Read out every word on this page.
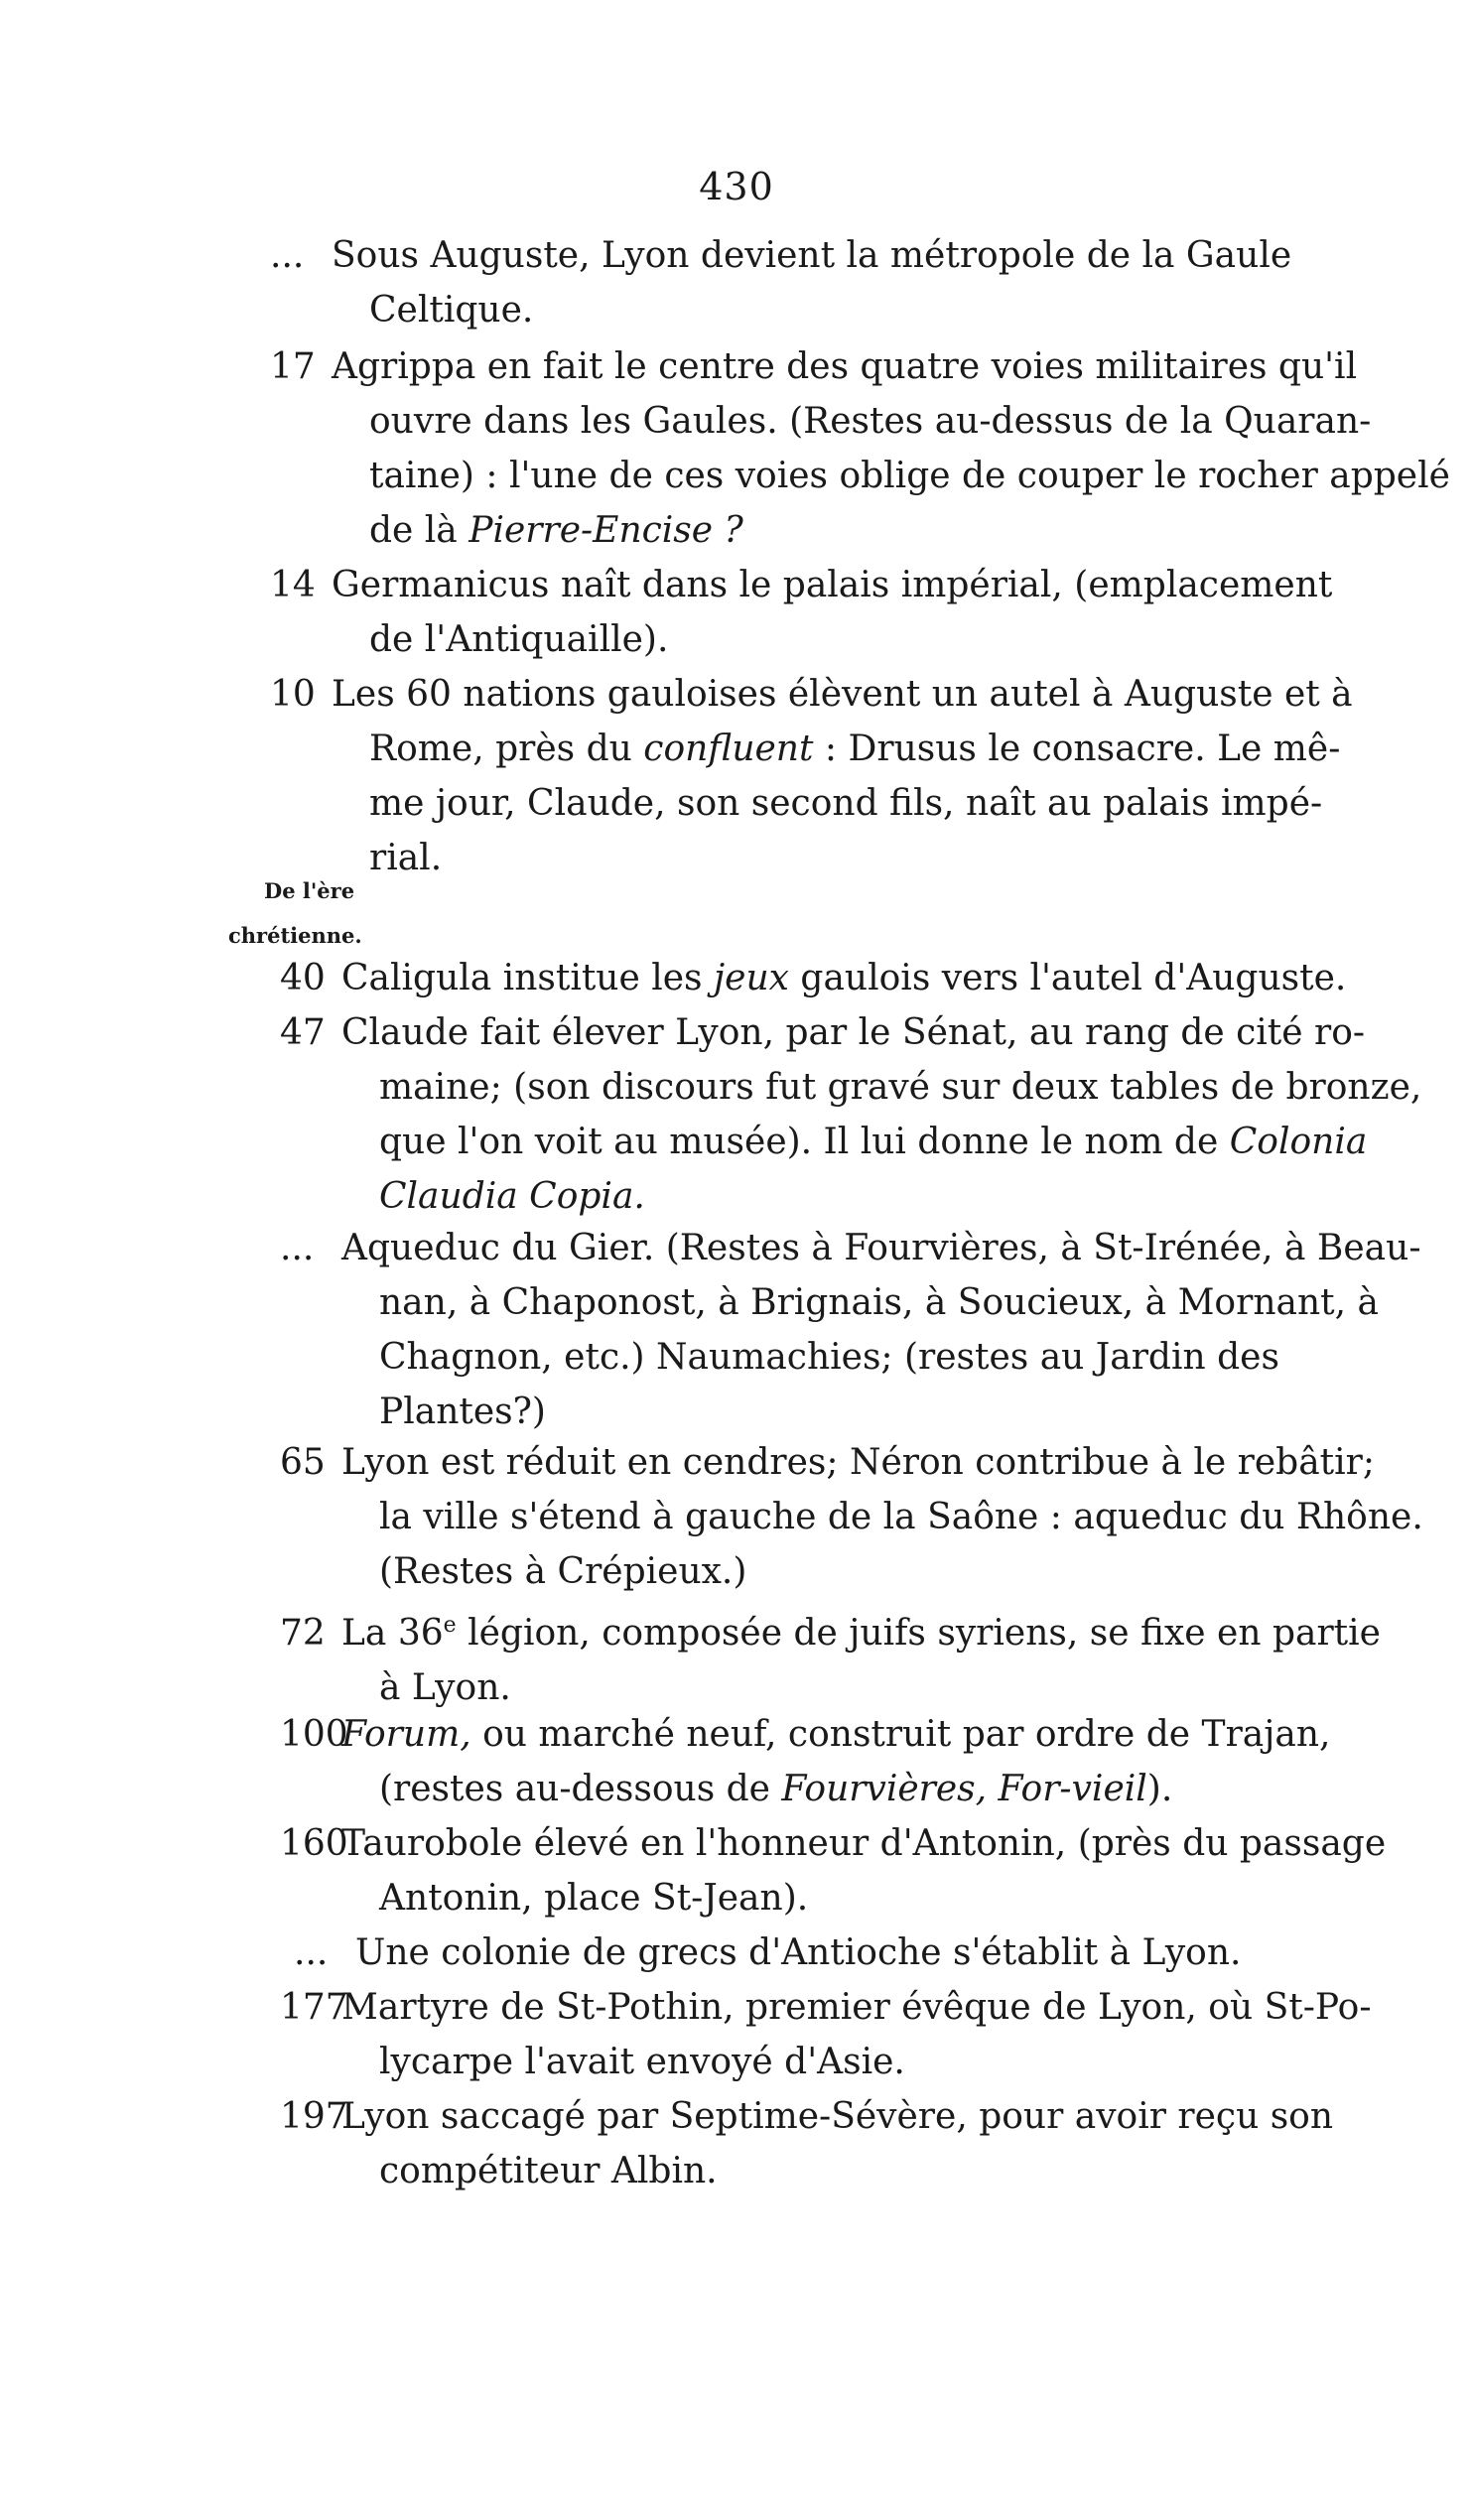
430
... Sous Auguste, Lyon devient la métropole de la Gaule
Celtique.
17 Agrippa en fait le centre des quatre voies militaires qu'il
ouvre dans les Gaules. (Restes au-dessus de la Quaran-
taine) : l'une de ces voies oblige de couper le rocher appelé
de là Pierre-Encise ?
14 Germanicus naît dans le palais impérial, (emplacement
de l'Antiquaille).
10 Les 60 nations gauloises élèvent un autel à Auguste et à
Rome, près du confluent : Drusus le consacre. Le mê-
me jour, Claude, son second fils, naît au palais impé-
rial.
De l'ère
chrétienne.
40 Caligula institue les jeux gaulois vers l'autel d'Auguste.
47 Claude fait élever Lyon, par le Sénat, au rang de cité ro-
maine; (son discours fut gravé sur deux tables de bronze,
que l'on voit au musée). Il lui donne le nom de Colonia
Claudia Copia.
... Aqueduc du Gier. (Restes à Fourvières, à St-Irénée, à Beau-
nan, à Chaponost, à Brignais, à Soucieux, à Mornant, à
Chagnon, etc.) Naumachies; (restes au Jardin des
Plantes?)
65 Lyon est réduit en cendres; Néron contribue à le rebâtir;
la ville s'étend à gauche de la Saône : aqueduc du Rhône.
(Restes à Crépieux.)
72 La 36e légion, composée de juifs syriens, se fixe en partie
à Lyon.
100Forum, ou marché neuf, construit par ordre de Trajan,
(restes au-dessous de Fourvières, For-vieil).
160Taurobole élevé en l'honneur d'Antonin, (près du passage
Antonin, place St-Jean).
... Une colonie de grecs d'Antioche s'établit à Lyon.
177Martyre de St-Pothin, premier évêque de Lyon, où St-Po-
lycarpe l'avait envoyé d'Asie.
197Lyon saccagé par Septime-Sévère, pour avoir reçu son
compétiteur Albin.
